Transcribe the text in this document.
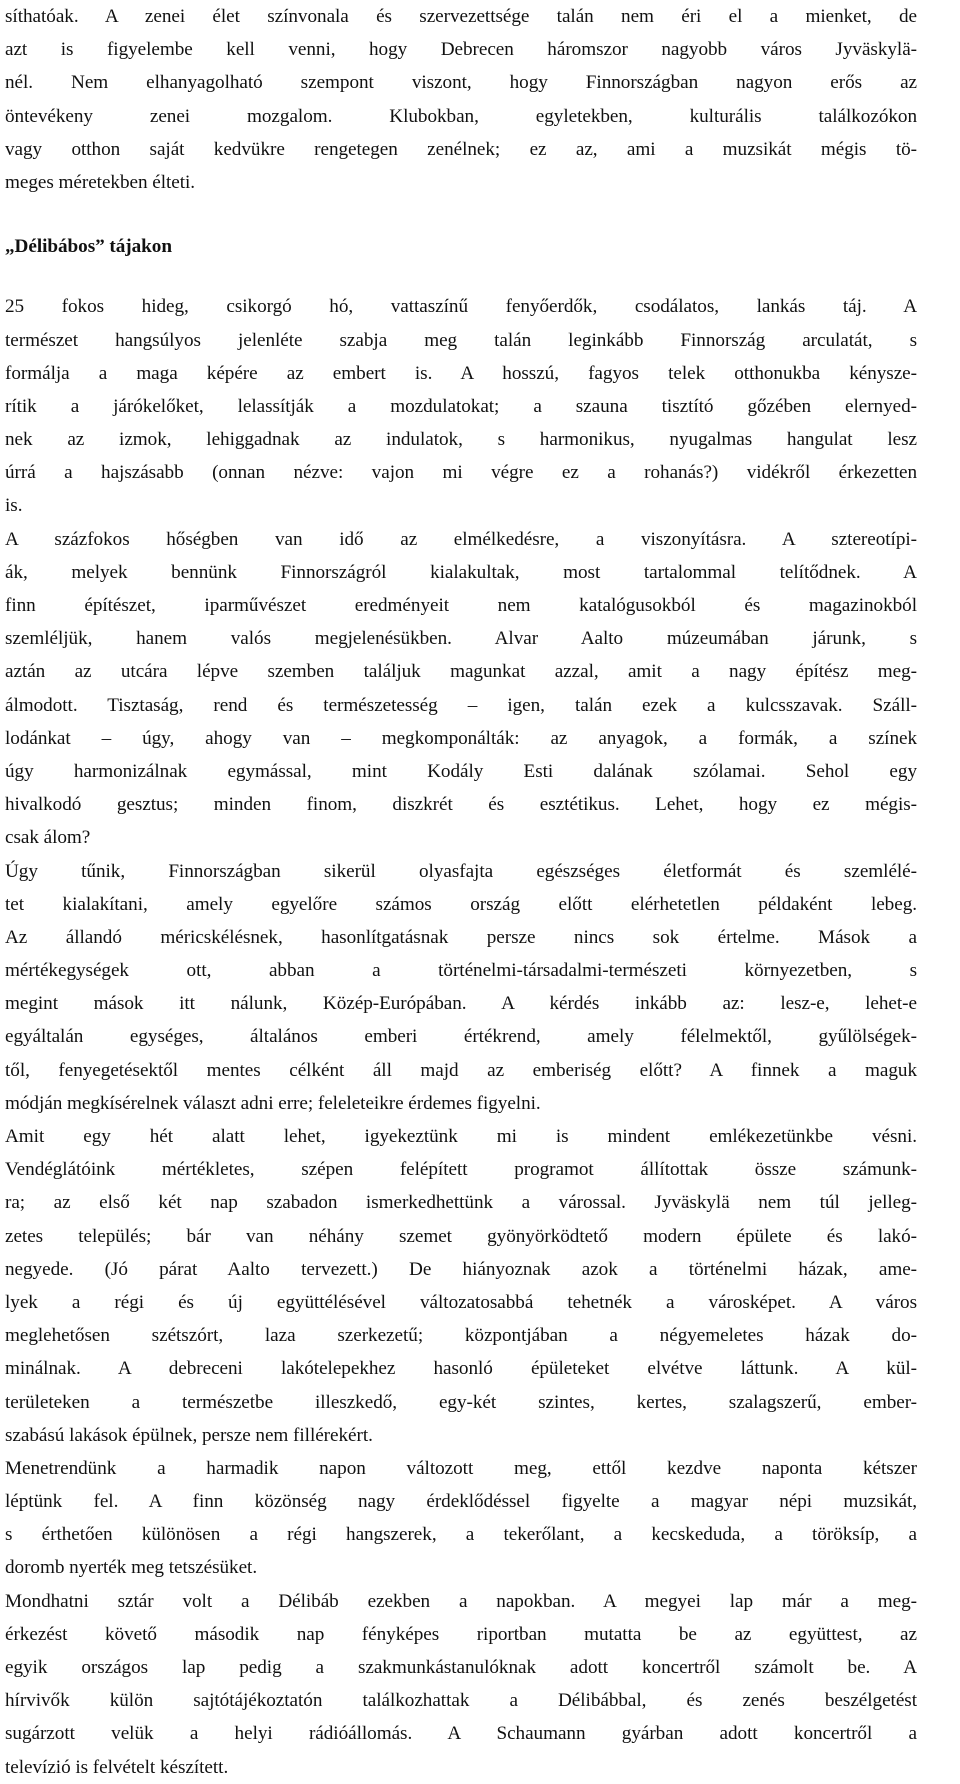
síthatóak. A zenei élet színvonala és szervezettsége talán nem éri el a mienket, de
azt is figyelembe kell venni, hogy Debrecen háromszor nagyobb város Jyväskylä-
nél. Nem elhanyagolható szempont viszont, hogy Finnországban nagyon erős az
öntevékeny zenei mozgalom. Klubokban, egyletekben, kulturális találkozókon
vagy otthon saját kedvükre rengetegen zenélnek; ez az, ami a muzsikát mégis tö-
meges méretekben élteti.
„Délibábos” tájakon
25 fokos hideg, csikorgó hó, vattaszínű fenyőerdők, csodálatos, lankás táj. A
természet hangsúlyos jelenléte szabja meg talán leginkább Finnország arculatát, s
formálja a maga képére az embert is. A hosszú, fagyos telek otthonukba kénysze-
rítik a járókelőket, lelassítják a mozdulatokat; a szauna tisztító gőzében elernyed-
nek az izmok, lehiggadnak az indulatok, s harmonikus, nyugalmas hangulat lesz
úrrá a hajszásabb (onnan nézve: vajon mi végre ez a rohanás?) vidékről érkezetten
is.
A százfokos hőségben van idő az elmélkedésre, a viszonyításra. A sztereotípi-
ák, melyek bennünk Finnországról kialakultak, most tartalommal telítődnek. A
finn építészet, iparművészet eredményeit nem katalógusokból és magazinokból
szemléljük, hanem valós megjelenésükben. Alvar Aalto múzeumában járunk, s
aztán az utcára lépve szemben találjuk magunkat azzal, amit a nagy építész meg-
álmodott. Tisztaság, rend és természetesség – igen, talán ezek a kulcsszavak. Száll-
lodánkat – úgy, ahogy van – megkomponálták: az anyagok, a formák, a színek
úgy harmonizálnak egymással, mint Kodály Esti dalának szólamai. Sehol egy
hivalkodó gesztus; minden finom, diszkrét és esztétikus. Lehet, hogy ez mégis-
csak álom?
Úgy tűnik, Finnországban sikerül olyasfajta egészséges életformát és szemlélé-
tet kialakítani, amely egyelőre számos ország előtt elérhetetlen példaként lebeg.
Az állandó méricskélésnek, hasonlítgatásnak persze nincs sok értelme. Mások a
mértékegységek ott, abban a történelmi-társadalmi-természeti környezetben, s
megint mások itt nálunk, Közép-Európában. A kérdés inkább az: lesz-e, lehet-e
egyáltalán egységes, általános emberi értékrend, amely félelmektől, gyűlölségek-
től, fenyegetésektől mentes célként áll majd az emberiség előtt? A finnek a maguk
módján megkísérelnek választ adni erre; feleleteikre érdemes figyelni.
Amit egy hét alatt lehet, igyekeztünk mi is mindent emlékezetünkbe vésni.
Vendéglátóink mértékletes, szépen felépített programot állítottak össze számunk-
ra; az első két nap szabadon ismerkedhettünk a várossal. Jyväskylä nem túl jelleg-
zetes település; bár van néhány szemet gyönyörködtető modern épülete és lakó-
negyede. (Jó párat Aalto tervezett.) De hiányoznak azok a történelmi házak, ame-
lyek a régi és új együttélésével változatosabbá tehetnék a városképet. A város
meglehetősen szétszórt, laza szerkezetű; központjában a négyemeletes házak do-
minálnak. A debreceni lakótelepekhez hasonló épületeket elvétve láttunk. A kül-
területeken a természetbe illeszkedő, egy-két szintes, kertes, szalagszerű, ember-
szabású lakások épülnek, persze nem fillérekért.
Menetrendünk a harmadik napon változott meg, ettől kezdve naponta kétszer
léptünk fel. A finn közönség nagy érdeklődéssel figyelte a magyar népi muzsikát,
s érthetően különösen a régi hangszerek, a tekerőlant, a kecskeduda, a töröksíp, a
doromb nyerték meg tetszésüket.
Mondhatni sztár volt a Délibáb ezekben a napokban. A megyei lap már a meg-
érkezést követő második nap fényképes riportban mutatta be az együttest, az
egyik országos lap pedig a szakmunkástanulóknak adott koncertről számolt be. A
hírvivők külön sajtótájékoztatón találkozhattak a Délibábbal, és zenés beszélgetést
sugárzott velük a helyi rádióállomás. A Schaumann gyárban adott koncertről a
televízió is felvételt készített.
